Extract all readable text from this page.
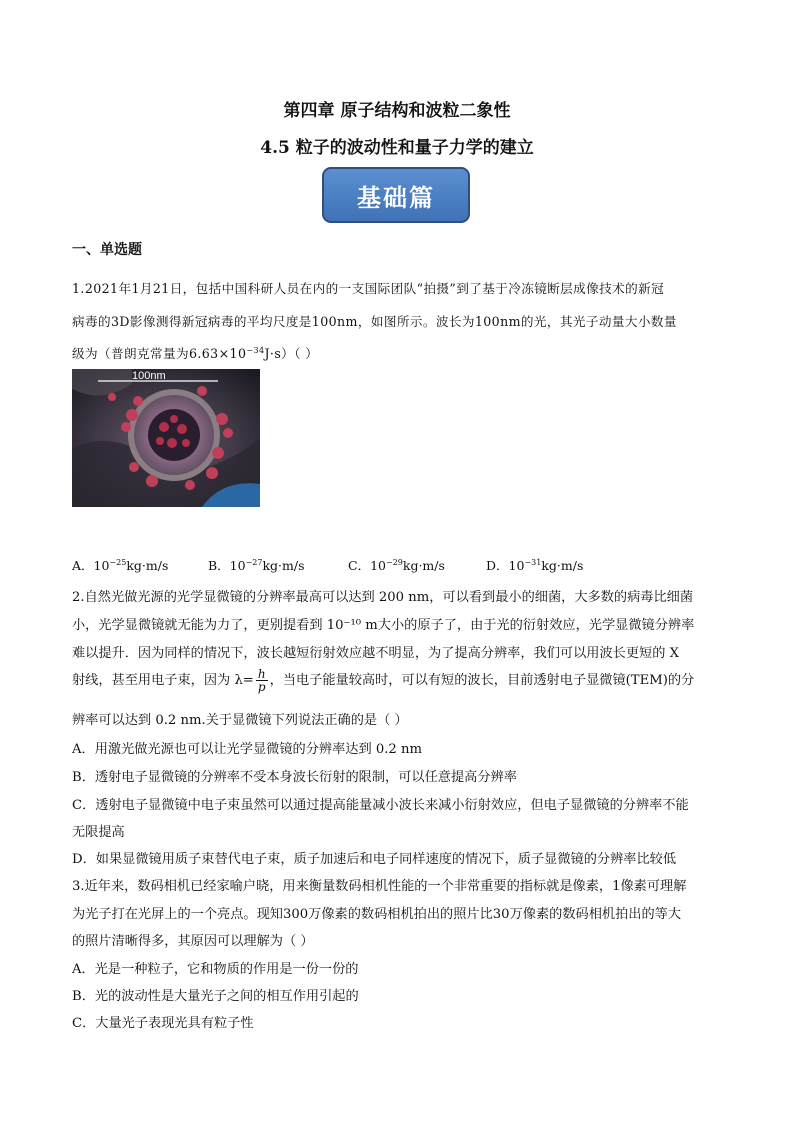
第四章 原子结构和波粒二象性
4.5 粒子的波动性和量子力学的建立
基础篇
一、单选题
1.2021年1月21日，包括中国科研人员在内的一支国际团队“拍摄”到了基于冷冻镜断层成像技术的新冠
病毒的3D影像测得新冠病毒的平均尺度是100nm，如图所示。波长为100nm的光，其光子动量大小数量
级为（普朗克常量为$6.63\times 10^{-34}J\cdot s$）（ ）
100nm
A．$10^{-25}kg\cdot m/s$	B．$10^{-27}kg\cdot m/s$	C．$10^{-29}kg\cdot m/s$	D．$10^{-31}kg\cdot m/s$
2.自然光做光源的光学显微镜的分辨率最高可以达到 200 nm，可以看到最小的细菌，大多数的病毒比细菌
小，光学显微镜就无能为力了，更别提看到 10⁻¹⁰ m大小的原子了，由于光的衍射效应，光学显微镜分辨率
难以提升．因为同样的情况下，波长越短衍射效应越不明显，为了提高分辨率，我们可以用波长更短的 X
射线，甚至用电子束，因为 $\lambda= \frac{h}{p}$ ，当电子能量较高时，可以有短的波长，目前透射电子显微镜(TEM)的分
辨率可以达到 0.2 nm.关于显微镜下列说法正确的是（ ）
A．用激光做光源也可以让光学显微镜的分辨率达到 0.2 nm
B．透射电子显微镜的分辨率不受本身波长衍射的限制，可以任意提高分辨率
C．透射电子显微镜中电子束虽然可以通过提高能量减小波长来减小衍射效应，但电子显微镜的分辨率不能
无限提高
D．如果显微镜用质子束替代电子束，质子加速后和电子同样速度的情况下，质子显微镜的分辨率比较低
3.近年来，数码相机已经家喻户晓，用来衡量数码相机性能的一个非常重要的指标就是像素，1像素可理解
为光子打在光屏上的一个亮点。现知300万像素的数码相机拍出的照片比30万像素的数码相机拍出的等大
的照片清晰得多，其原因可以理解为（ ）
A．光是一种粒子，它和物质的作用是一份一份的
B．光的波动性是大量光子之间的相互作用引起的
C．大量光子表现光具有粒子性
